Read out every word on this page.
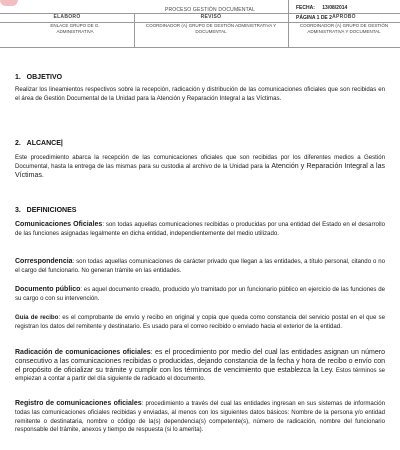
PROCESO GESTIÓN DOCUMENTAL	FECHA: 13/08/2014
PÁGINA 1 DE 2
ELABORÓ
ENLACE GRUPO DE G. ADMINISTRATIVA
REVISÓ
COORDINADOR (A) GRUPO DE GESTIÓN ADMINISTRATIVA Y DOCUMENTAL
APROBÓ
COORDINADOR (A) GRUPO DE GESTIÓN ADMINISTRATIVA Y DOCUMENTAL
1.   OBJETIVO
Realizar los lineamientos respectivos sobre la recepción, radicación y distribución de las comunicaciones oficiales que son recibidas en el área de Gestión Documental de la Unidad para la Atención y Reparación Integral a las Víctimas.
2.   ALCANCE|
Este procedimiento abarca la recepción de las comunicaciones oficiales que son recibidas por los diferentes medios a Gestión Documental, hasta la entrega de las mismas para su custodia al archivo de la Unidad para la Atención y Reparación Integral a las Víctimas.
3.   DEFINICIONES
Comunicaciones Oficiales: son todas aquellas comunicaciones recibidas o producidas por una entidad del Estado en el desarrollo de las funciones asignadas legalmente en dicha entidad, independientemente del medio utilizado.
Correspondencia: son todas aquellas comunicaciones de carácter privado que llegan a las entidades, a título personal, citando o no el cargo del funcionario. No generan trámite en las entidades.
Documento público: es aquel documento creado, producido y/o tramitado por un funcionario público en ejercicio de las funciones de su cargo o con su intervención.
Guía de recibo: es el comprobante de envío y recibo en original y copia que queda como constancia del servicio postal en el que se registran los datos del remitente y destinatario. Es usado para el correo recibido o enviado hacia el exterior de la entidad.
Radicación de comunicaciones oficiales: es el procedimiento por medio del cual las entidades asignan un número consecutivo a las comunicaciones recibidas o producidas, dejando constancia de la fecha y hora de recibo o envío con el propósito de oficializar su trámite y cumplir con los términos de vencimiento que establezca la Ley. Estos términos se empiezan a contar a partir del día siguiente de radicado el documento.
Registro de comunicaciones oficiales: procedimiento a través del cual las entidades ingresan en sus sistemas de información todas las comunicaciones oficiales recibidas y enviadas, al menos con los siguientes datos básicos: Nombre de la persona y/o entidad remitente o destinataria, nombre o código de la(s) dependencia(s) competente(s), número de radicación, nombre del funcionario responsable del trámite, anexos y tiempo de respuesta (si lo amerita).
